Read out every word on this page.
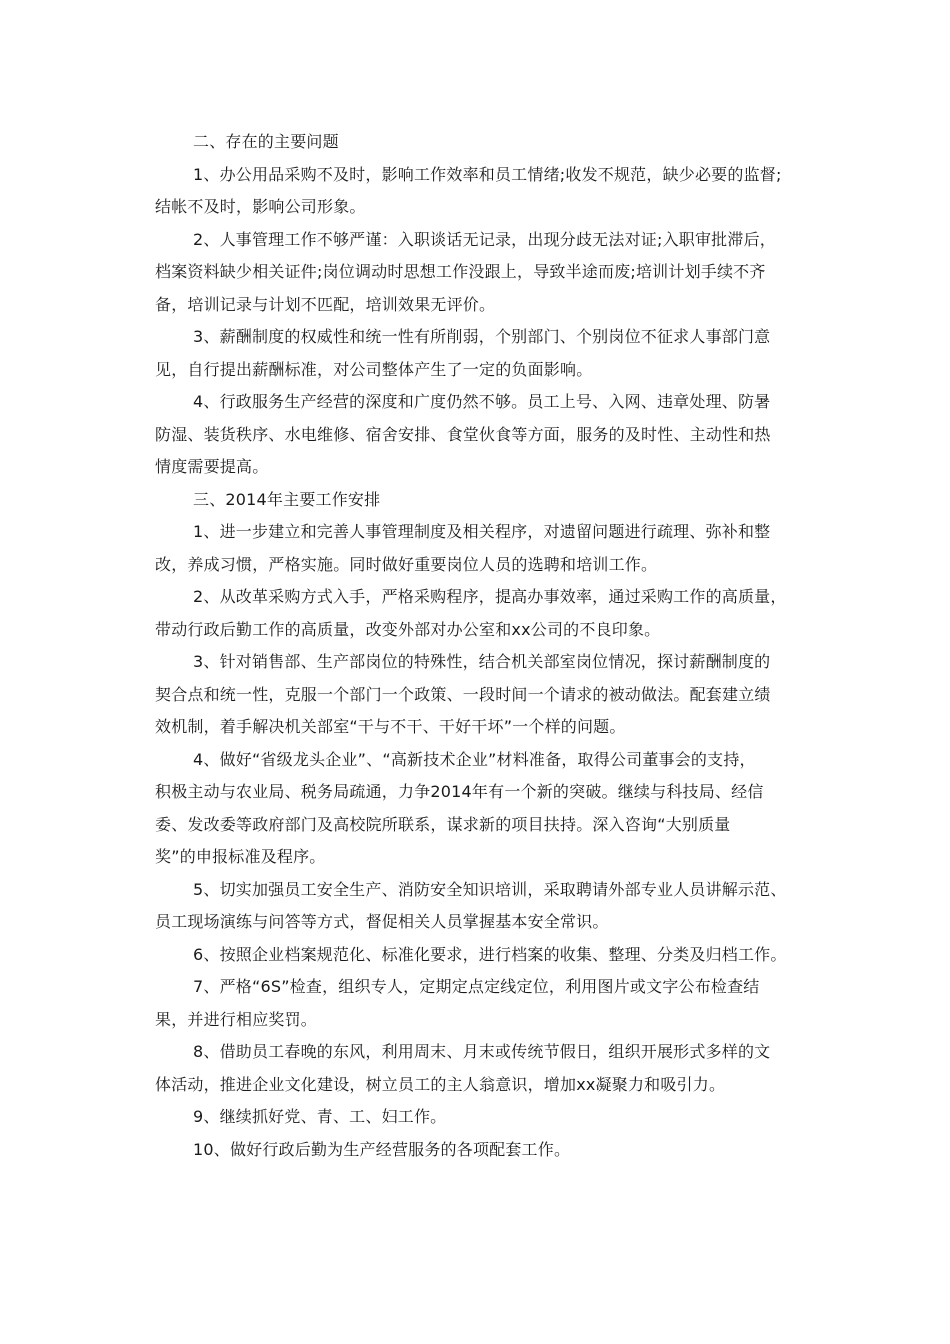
二、存在的主要问题
1、办公用品采购不及时，影响工作效率和员工情绪;收发不规范，缺少必要的监督;
结帐不及时，影响公司形象。
2、人事管理工作不够严谨：入职谈话无记录，出现分歧无法对证;入职审批滞后，
档案资料缺少相关证件;岗位调动时思想工作没跟上，导致半途而废;培训计划手续不齐
备，培训记录与计划不匹配，培训效果无评价。
3、薪酬制度的权威性和统一性有所削弱，个别部门、个别岗位不征求人事部门意
见，自行提出薪酬标准，对公司整体产生了一定的负面影响。
4、行政服务生产经营的深度和广度仍然不够。员工上号、入网、违章处理、防暑
防湿、装货秩序、水电维修、宿舍安排、食堂伙食等方面，服务的及时性、主动性和热
情度需要提高。
三、2014年主要工作安排
1、进一步建立和完善人事管理制度及相关程序，对遗留问题进行疏理、弥补和整
改，养成习惯，严格实施。同时做好重要岗位人员的选聘和培训工作。
2、从改革采购方式入手，严格采购程序，提高办事效率，通过采购工作的高质量，
带动行政后勤工作的高质量，改变外部对办公室和xx公司的不良印象。
3、针对销售部、生产部岗位的特殊性，结合机关部室岗位情况，探讨薪酬制度的
契合点和统一性，克服一个部门一个政策、一段时间一个请求的被动做法。配套建立绩
效机制，着手解决机关部室“干与不干、干好干坏”一个样的问题。
4、做好“省级龙头企业”、“高新技术企业”材料准备，取得公司董事会的支持，
积极主动与农业局、税务局疏通，力争2014年有一个新的突破。继续与科技局、经信
委、发改委等政府部门及高校院所联系，谋求新的项目扶持。深入咨询“大别质量
奖”的申报标准及程序。
5、切实加强员工安全生产、消防安全知识培训，采取聘请外部专业人员讲解示范、
员工现场演练与问答等方式，督促相关人员掌握基本安全常识。
6、按照企业档案规范化、标准化要求，进行档案的收集、整理、分类及归档工作。
7、严格“6S”检查，组织专人，定期定点定线定位，利用图片或文字公布检查结
果，并进行相应奖罚。
8、借助员工春晚的东风，利用周末、月末或传统节假日，组织开展形式多样的文
体活动，推进企业文化建设，树立员工的主人翁意识，增加xx凝聚力和吸引力。
9、继续抓好党、青、工、妇工作。
10、做好行政后勤为生产经营服务的各项配套工作。
